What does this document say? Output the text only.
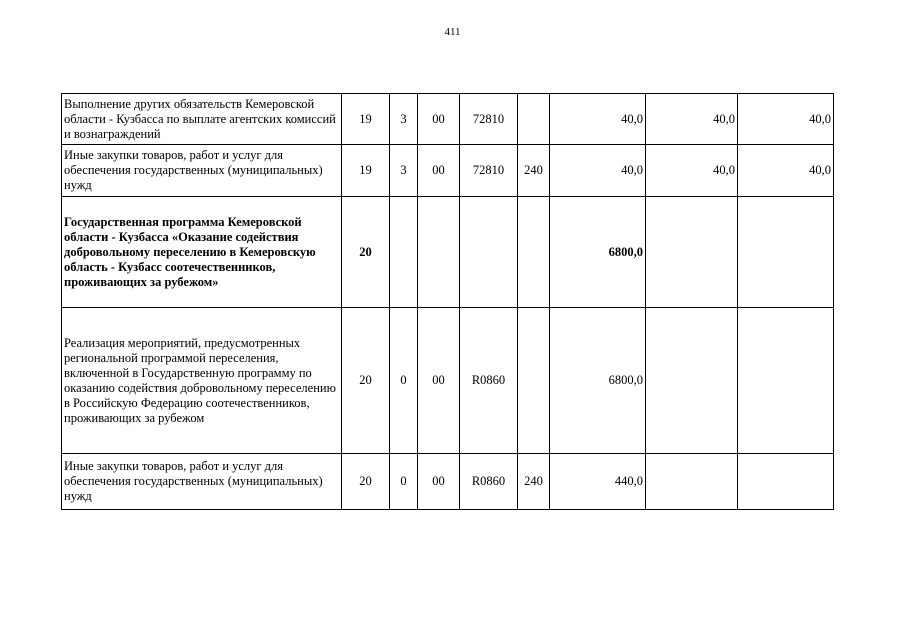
411
Выполнение других обязательств Кемеровской области - Кузбасса по выплате агентских комиссий и вознаграждений	19	3	00	72810		40,0	40,0	40,0
Иные закупки товаров, работ и услуг для обеспечения государственных (муниципальных) нужд	19	3	00	72810	240	40,0	40,0	40,0
Государственная программа Кемеровской области - Кузбасса «Оказание содействия добровольному переселению в Кемеровскую область - Кузбасс соотечественников, проживающих за рубежом»	20					6800,0		
Реализация мероприятий, предусмотренных региональной программой переселения, включенной в Государственную программу по оказанию содействия добровольному переселению в Российскую Федерацию соотечественников, проживающих за рубежом	20	0	00	R0860		6800,0		
Иные закупки товаров, работ и услуг для обеспечения государственных (муниципальных) нужд	20	0	00	R0860	240	440,0		
